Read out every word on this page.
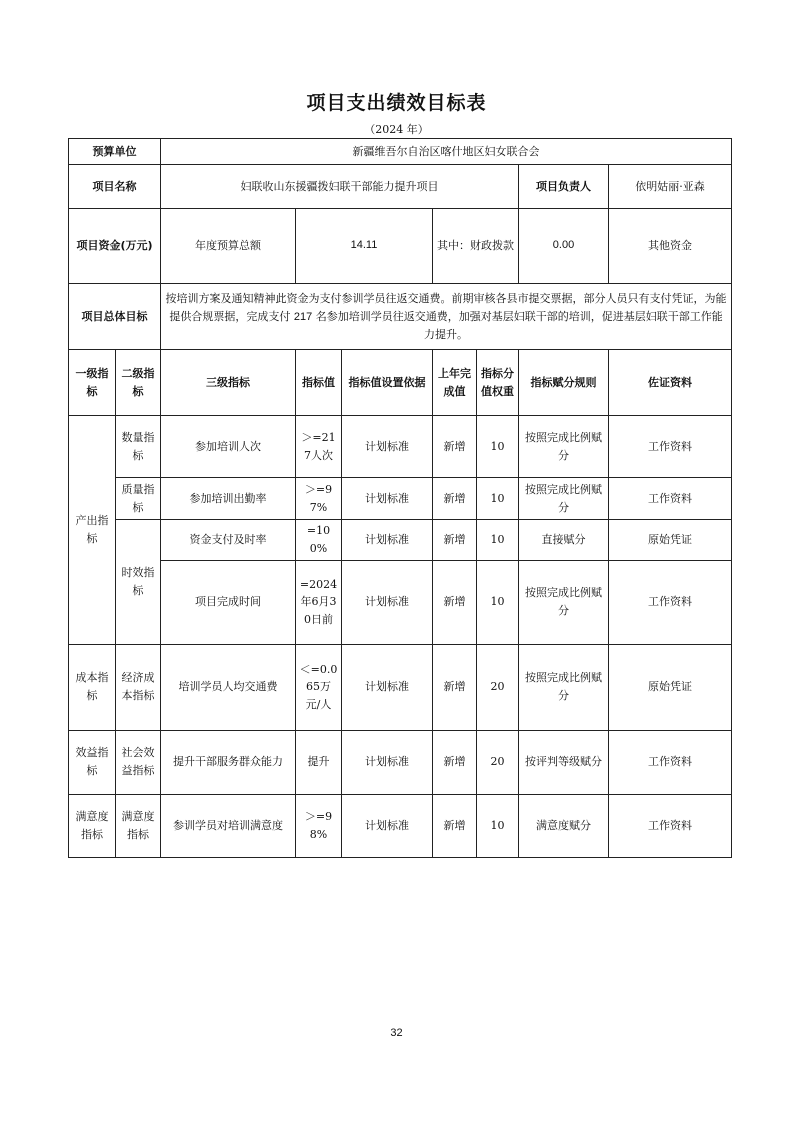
项目支出绩效目标表
（2024 年）
预算单位		新疆维吾尔自治区喀什地区妇女联合会							
项目名称		妇联收山东援疆拨妇联干部能力提升项目					项目负责人	依明姑丽·亚森	
项目资金(万元)		年度预算总额	14.11		其中：财政拨款		0.00	其他资金	
项目总体目标		按培训方案及通知精神此资金为支付参训学员往返交通费。前期审核各县市提交票据，部分人员只有支付凭证，为能提供合规票据，完成支付 217 名参加培训学员往返交通费，加强对基层妇联干部的培训，促进基层妇联干部工作能力提升。							
一级指标	二级指标	三级指标	指标值	指标值设置依据	上年完成值	指标分值权重	指标赋分规则	佐证资料	
产出指标	数量指标	参加培训人次	＞=217人次	计划标准	新增	10	按照完成比例赋分	工作资料	
	质量指标	参加培训出勤率	＞=97%	计划标准	新增	10	按照完成比例赋分	工作资料	
	时效指标	资金支付及时率	=100%	计划标准	新增	10	直接赋分	原始凭证	
		项目完成时间	=2024年6月30日前	计划标准	新增	10	按照完成比例赋分	工作资料	
成本指标	经济成本指标	培训学员人均交通费	＜=0.065万元/人	计划标准	新增	20	按照完成比例赋分	原始凭证	
效益指标	社会效益指标	提升干部服务群众能力	提升	计划标准	新增	20	按评判等级赋分	工作资料	
满意度指标	满意度指标	参训学员对培训满意度	＞=98%	计划标准	新增	10	满意度赋分	工作资料	
32
